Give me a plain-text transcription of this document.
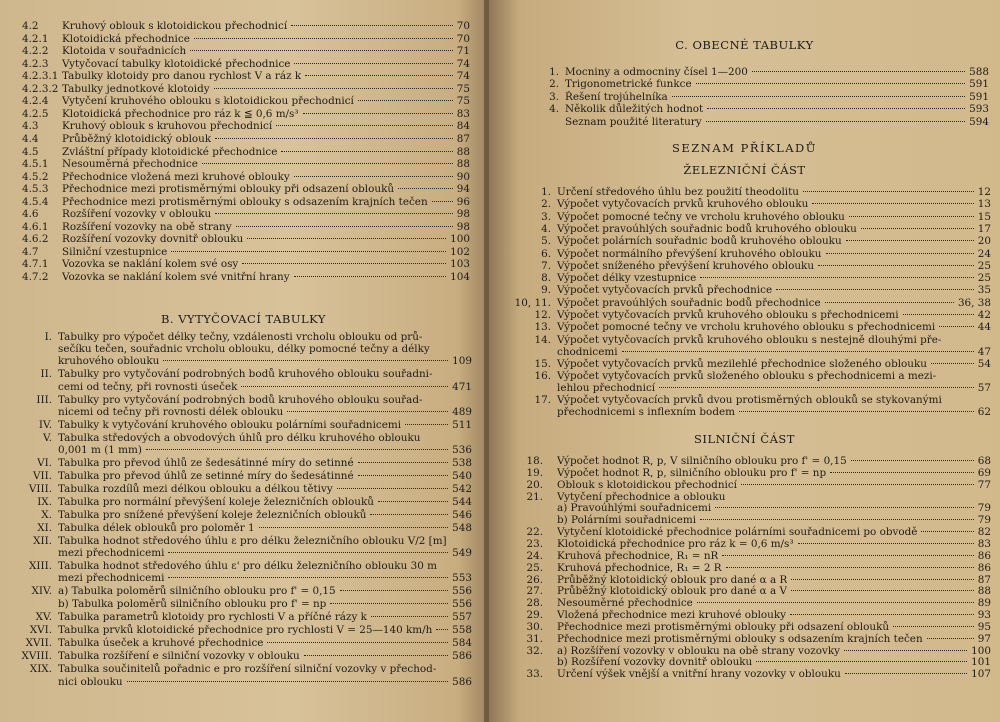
4.2	Kruhový oblouk s klotoidickou přechodnicí	70
4.2.1	Klotoidická přechodnice	70
4.2.2	Klotoida v souřadnicích	71
4.2.3	Vytyčovací tabulky klotoidické přechodnice	74
4.2.3.1 Tabulky klotoidy pro danou rychlost V a ráz k	74
4.2.3.2 Tabulky jednotkové klotoidy	75
4.2.4	Vytyčení kruhového oblouku s klotoidickou přechodnicí	75
4.2.5	Klotoidická přechodnice pro ráz k ≦ 0,6 m/s³	83
4.3	Kruhový oblouk s kruhovou přechodnicí	84
4.4	Průběžný klotoidický oblouk	87
4.5	Zvláštní případy klotoidické přechodnice	88
4.5.1	Nesouměrná přechodnice	88
4.5.2	Přechodnice vložená mezi kruhové oblouky	90
4.5.3	Přechodnice mezi protisměrnými oblouky při odsazení oblouků	94
4.5.4	Přechodnice mezi protisměrnými oblouky s odsazením krajních tečen	96
4.6	Rozšíření vozovky v oblouku	98
4.6.1	Rozšíření vozovky na obě strany	98
4.6.2	Rozšíření vozovky dovnitř oblouku	100
4.7	Silniční vzestupnice	102
4.7.1	Vozovka se naklání kolem své osy	103
4.7.2	Vozovka se naklání kolem své vnitřní hrany	104
B. VYTYČOVACÍ TABULKY
I. Tabulky pro výpočet délky tečny, vzdálenosti vrcholu oblouku od prů-
sečíku tečen, souřadnic vrcholu oblouku, délky pomocné tečny a délky
kruhového oblouku	109
II. Tabulky pro vytyčování podrobných bodů kruhového oblouku souřadni-
cemi od tečny, při rovnosti úseček	471
III. Tabulky pro vytyčování podrobných bodů kruhového oblouku souřad-
nicemi od tečny při rovnosti délek oblouku	489
IV. Tabulky k vytyčování kruhového oblouku polárními souřadnicemi	511
V. Tabulka středových a obvodových úhlů pro délku kruhového oblouku
0,001 m (1 mm)	536
VI. Tabulka pro převod úhlů ze šedesátinné míry do setinné	538
VII. Tabulka pro převod úhlů ze setinné míry do šedesátinné	540
VIII. Tabulka rozdílů mezi délkou oblouku a délkou tětivy	542
IX. Tabulka pro normální převýšení koleje železničních oblouků	544
X. Tabulka pro snížené převýšení koleje železničních oblouků	546
XI. Tabulka délek oblouků pro poloměr 1	548
XII. Tabulka hodnot středového úhlu ε pro délku železničního oblouku V/2 [m]
mezi přechodnicemi	549
XIII. Tabulka hodnot středového úhlu ε' pro délku železničního oblouku 30 m
mezi přechodnicemi	553
XIV. a) Tabulka poloměrů silničního oblouku pro f' = 0,15	556
b) Tabulka poloměrů silničního oblouku pro f' = np	556
XV. Tabulka parametrů klotoidy pro rychlosti V a příčné rázy k	557
XVI. Tabulka prvků klotoidické přechodnice pro rychlosti V = 25—140 km/h 558
XVII. Tabulka úseček a kruhové přechodnice	584
XVIII. Tabulka rozšíření e silniční vozovky v oblouku	586
XIX. Tabulka součinitelů pořadnic e pro rozšíření silniční vozovky v přechod-
nici oblouku	586
C. OBECNÉ TABULKY
1. Mocniny a odmocniny čísel 1—200	588
2. Trigonometrické funkce	591
3. Řešení trojúhelníka	591
4. Několik důležitých hodnot	593
Seznam použité literatury	594
SEZNAM PŘÍKLADŮ
ŽELEZNIČNÍ ČÁST
1. Určení středového úhlu bez použití theodolitu	12
2. Výpočet vytyčovacích prvků kruhového oblouku	13
3. Výpočet pomocné tečny ve vrcholu kruhového oblouku	15
4. Výpočet pravoúhlých souřadnic bodů kruhového oblouku	17
5. Výpočet polárních souřadnic bodů kruhového oblouku	20
6. Výpočet normálního převýšení kruhového oblouku	24
7. Výpočet sníženého převýšení kruhového oblouku	25
8. Výpočet délky vzestupnice	25
9. Výpočet vytyčovacích prvků přechodnice	35
10, 11. Výpočet pravoúhlých souřadnic bodů přechodnice	36, 38
12. Výpočet vytyčovacích prvků kruhového oblouku s přechodnicemi	42
13. Výpočet pomocné tečny ve vrcholu kruhového oblouku s přechodnicemi	44
14. Výpočet vytyčovacích prvků kruhového oblouku s nestejně dlouhými pře-
chodnicemi	47
15. Výpočet vytyčovacích prvků mezilehlé přechodnice složeného oblouku	54
16. Výpočet vytyčovacích prvků složeného oblouku s přechodnicemi a mezi-
lehlou přechodnicí	57
17. Výpočet vytyčovacích prvků dvou protisměrných oblouků se stykovanými
přechodnicemi s inflexním bodem	62
SILNIČNÍ ČÁST
18.	Výpočet hodnot R, p, V silničního oblouku pro f' = 0,15	68
19.	Výpočet hodnot R, p, silničního oblouku pro f' = np	69
20.	Oblouk s klotoidickou přechodnicí	77
21.	Vytyčení přechodnice a oblouku
a) Pravoúhlými souřadnicemi	79
b) Polárními souřadnicemi	79
22.	Vytyčení klotoidické přechodnice polárními souřadnicemi po obvodě	82
23.	Klotoidická přechodnice pro ráz k = 0,6 m/s³	83
24.	Kruhová přechodnice, R₁ = nR	86
25.	Kruhová přechodnice, R₁ = 2 R	86
26.	Průběžný klotoidický oblouk pro dané α a R	87
27.	Průběžný klotoidický oblouk pro dané α a V	88
28.	Nesouměrné přechodnice	89
29.	Vložená přechodnice mezi kruhové oblouky	93
30.	Přechodnice mezi protisměrnými oblouky při odsazení oblouků	95
31.	Přechodnice mezi protisměrnými oblouky s odsazením krajních tečen	97
32.	a) Rozšíření vozovky v oblouku na obě strany vozovky	100
b) Rozšíření vozovky dovnitř oblouku	101
33.	Určení výšek vnější a vnitřní hrany vozovky v oblouku	107
